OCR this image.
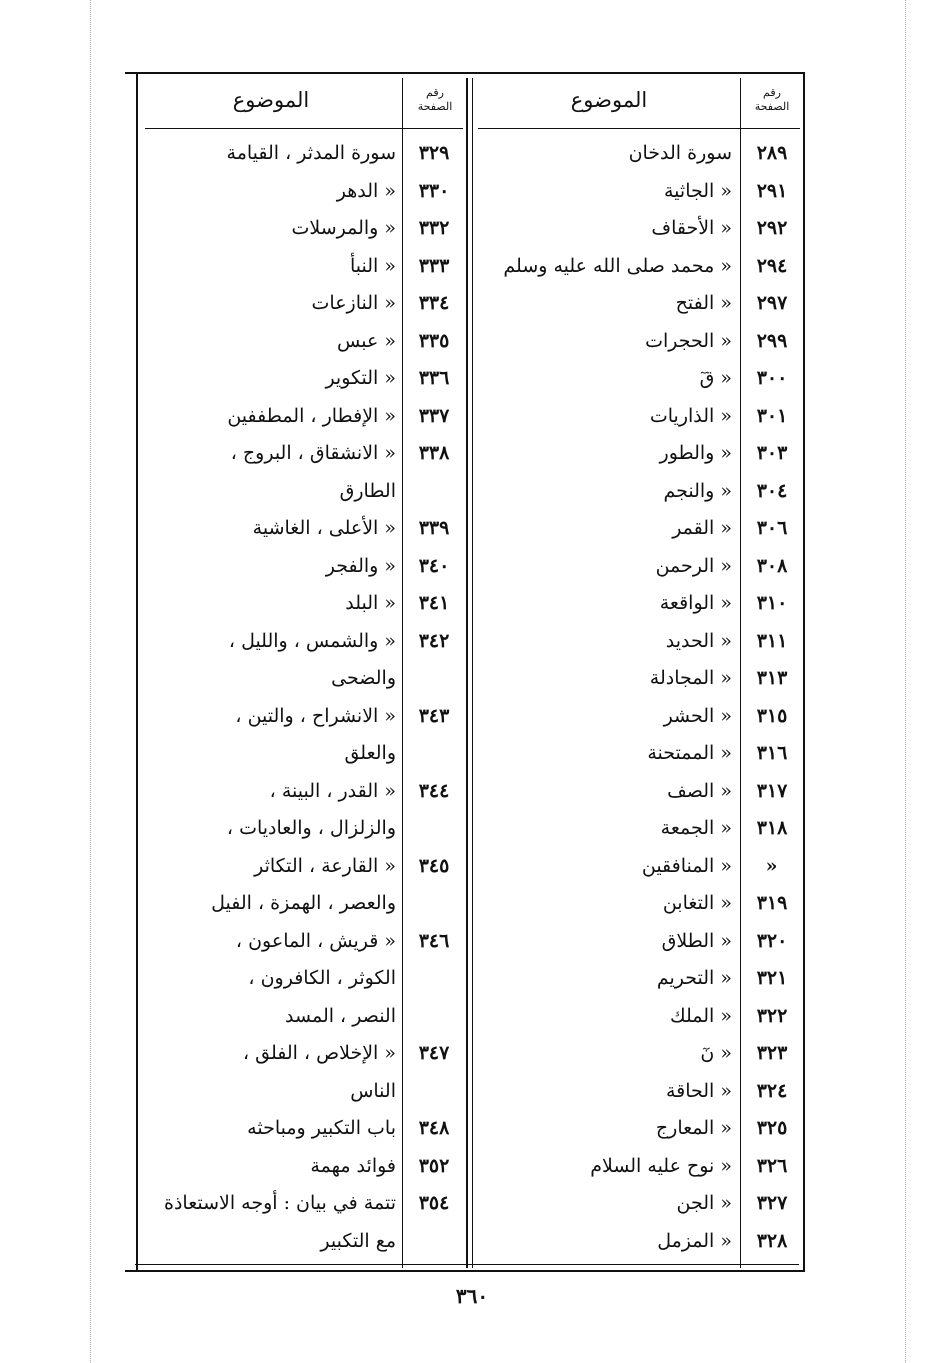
رقم
الصفحة
الموضوع
رقم
الصفحة
الموضوع
٢٨٩
سورة الدخان
٢٩١
« الجاثية
٢٩٢
« الأحقاف
٢٩٤
« محمد صلى الله عليه وسلم
٢٩٧
« الفتح
٢٩٩
« الحجرات
٣٠٠
« قٓ
٣٠١
« الذاريات
٣٠٣
« والطور
٣٠٤
« والنجم
٣٠٦
« القمر
٣٠٨
« الرحمن
٣١٠
« الواقعة
٣١١
« الحديد
٣١٣
« المجادلة
٣١٥
« الحشر
٣١٦
« الممتحنة
٣١٧
« الصف
٣١٨
« الجمعة
«
« المنافقين
٣١٩
« التغابن
٣٢٠
« الطلاق
٣٢١
« التحريم
٣٢٢
« الملك
٣٢٣
« نٓ
٣٢٤
« الحاقة
٣٢٥
« المعارج
٣٢٦
« نوح عليه السلام
٣٢٧
« الجن
٣٢٨
« المزمل
٣٢٩
سورة المدثر ، القيامة
٣٣٠
« الدهر
٣٣٢
« والمرسلات
٣٣٣
« النبأ
٣٣٤
« النازعات
٣٣٥
« عبس
٣٣٦
« التكوير
٣٣٧
« الإفطار ، المطففين
٣٣٨
« الانشقاق ، البروج ،
الطارق
٣٣٩
« الأعلى ، الغاشية
٣٤٠
« والفجر
٣٤١
« البلد
٣٤٢
« والشمس ، والليل ،
والضحى
٣٤٣
« الانشراح ، والتين ،
والعلق
٣٤٤
« القدر ، البينة ،
والزلزال ، والعاديات ،
٣٤٥
« القارعة ، التكاثر
والعصر ، الهمزة ، الفيل
٣٤٦
« قريش ، الماعون ،
الكوثر ، الكافرون ،
النصر ، المسد
٣٤٧
« الإخلاص ، الفلق ،
الناس
٣٤٨
باب التكبير ومباحثه
٣٥٢
فوائد مهمة
٣٥٤
تتمة في بيان : أوجه الاستعاذة
مع التكبير
٣٦٠
